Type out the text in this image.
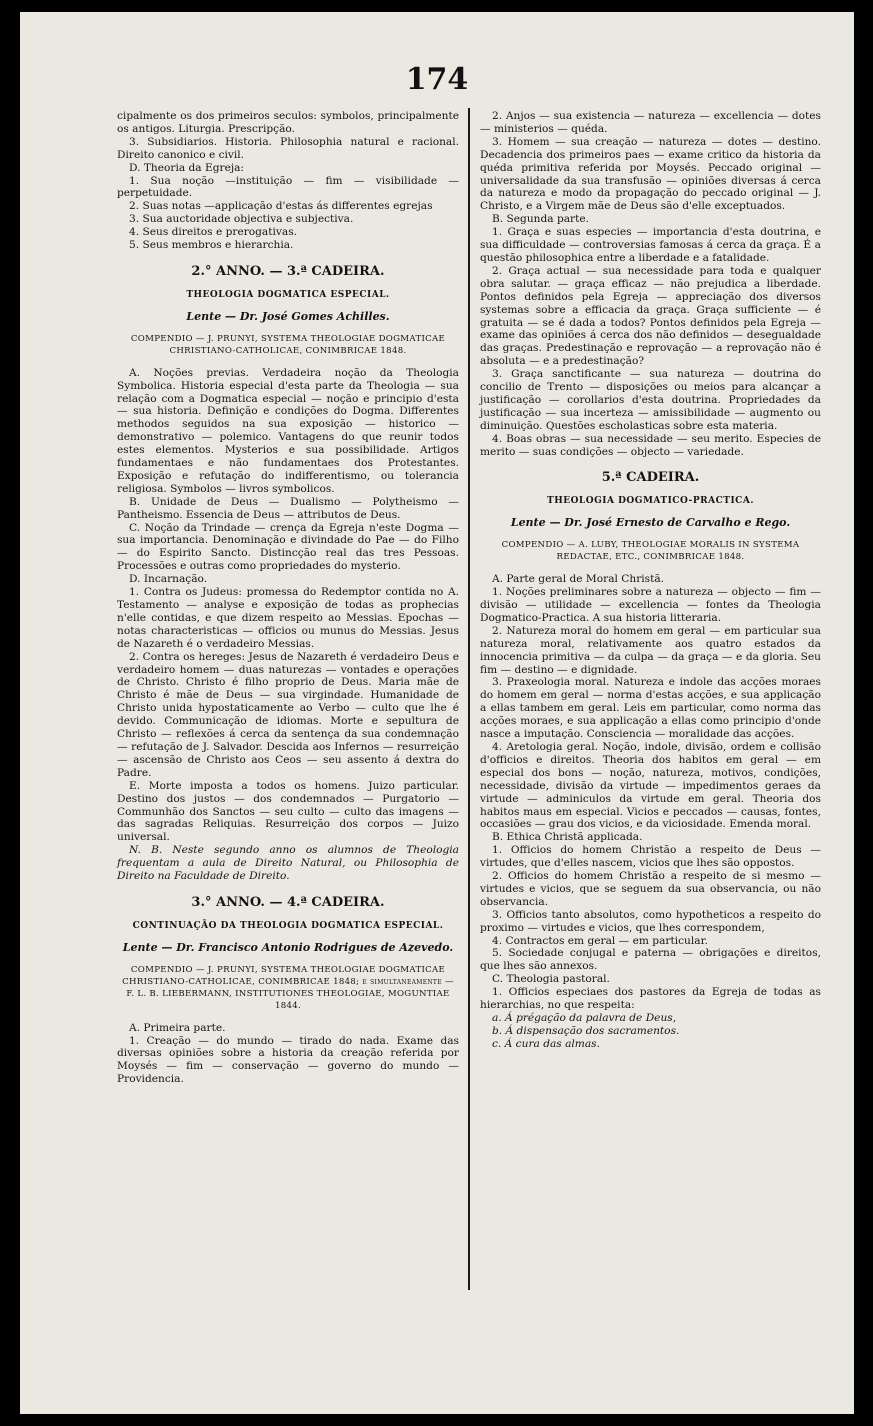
174

cipalmente os dos primeiros seculos: symbolos, principalmente os antigos. Liturgia. Prescripção.

3. Subsidiarios. Historia. Philosophia natural e racional. Direito canonico e civil.

D. Theoria da Egreja:

1. Sua noção —instituição — fim — visibilidade — perpetuidade.

2. Suas notas —applicação d'estas ás differentes egrejas

3. Sua auctoridade objectiva e subjectiva.

4. Seus direitos e prerogativas.

5. Seus membros e hierarchia.

2.° ANNO. — 3.ª CADEIRA.
THEOLOGIA DOGMATICA ESPECIAL.
Lente — Dr. José Gomes Achilles.
COMPENDIO — J. PRUNYI, SYSTEMA THEOLOGIAE DOGMATICAE CHRISTIANO-CATHOLICAE, CONIMBRICAE 1848.

A. Noções previas. Verdadeira noção da Theologia Symbolica. Historia especial d'esta parte da Theologia — sua relação com a Dogmatica especial — noção e principio d'esta — sua historia. Definição e condições do Dogma. Differentes methodos seguidos na sua exposição — historico — demonstrativo — polemico. Vantagens do que reunir todos estes elementos. Mysterios e sua possibilidade. Artigos fundamentaes e não fundamentaes dos Protestantes. Exposição e refutação do indifferentismo, ou tolerancia religiosa. Symbolos — livros symbolicos.

B. Unidade de Deus — Dualismo — Polytheismo — Pantheismo. Essencia de Deus — attributos de Deus.

C. Noção da Trindade — crença da Egreja n'este Dogma — sua importancia. Denominação e divindade do Pae — do Filho — do Espirito Sancto. Distincção real das tres Pessoas. Processões e outras como propriedades do mysterio.

D. Incarnação.

1. Contra os Judeus: promessa do Redemptor contida no A. Testamento — analyse e exposição de todas as prophecias n'elle contidas, e que dizem respeito ao Messias. Epochas — notas characteristicas — officios ou munus do Messias. Jesus de Nazareth é o verdadeiro Messias.

2. Contra os hereges: Jesus de Nazareth é verdadeiro Deus e verdadeiro homem — duas naturezas — vontades e operações de Christo. Christo é filho proprio de Deus. Maria mãe de Christo é mãe de Deus — sua virgindade. Humanidade de Christo unida hypostaticamente ao Verbo — culto que lhe é devido. Communicação de idiomas. Morte e sepultura de Christo — reflexões á cerca da sentença da sua condemnação — refutação de J. Salvador. Descida aos Infernos — resurreição — ascensão de Christo aos Ceos — seu assento á dextra do Padre.

E. Morte imposta a todos os homens. Juizo particular. Destino dos justos — dos condemnados — Purgatorio — Communhão dos Sanctos — seu culto — culto das imagens — das sagradas Reliquias. Resurreição dos corpos — Juizo universal.

N. B. Neste segundo anno os alumnos de Theologia frequentam a aula de Direito Natural, ou Philosophia de Direito na Faculdade de Direito.

3.° ANNO. — 4.ª CADEIRA.
CONTINUAÇÃO DA THEOLOGIA DOGMATICA ESPECIAL.
Lente — Dr. Francisco Antonio Rodrigues de Azevedo.
COMPENDIO — J. PRUNYI, SYSTEMA THEOLOGIAE DOGMATICAE CHRISTIANO-CATHOLICAE, CONIMBRICAE 1848; e simultaneamente — F. L. B. LIEBERMANN, INSTITUTIONES THEOLOGIAE, MOGUNTIAE 1844.

A. Primeira parte.

1. Creação — do mundo — tirado do nada. Exame das diversas opiniões sobre a historia da creação referida por Moysés — fim — conservação — governo do mundo — Providencia.

2. Anjos — sua existencia — natureza — excellencia — dotes — ministerios — quéda.

3. Homem — sua creação — natureza — dotes — destino. Decadencia dos primeiros paes — exame critico da historia da quéda primitiva referida por Moysés. Peccado original — universalidade da sua transfusão — opiniões diversas á cerca da natureza e modo da propagação do peccado original — J. Christo, e a Virgem mãe de Deus são d'elle exceptuados.

B. Segunda parte.

1. Graça e suas especies — importancia d'esta doutrina, e sua difficuldade — controversias famosas á cerca da graça. É a questão philosophica entre a liberdade e a fatalidade.

2. Graça actual — sua necessidade para toda e qualquer obra salutar. — graça efficaz — não prejudica a liberdade. Pontos definidos pela Egreja — appreciação dos diversos systemas sobre a efficacia da graça. Graça sufficiente — é gratuita — se é dada a todos? Pontos definidos pela Egreja — exame das opiniões á cerca dos não definidos — desegualdade das graças. Predestinação e reprovação — a reprovação não é absoluta — e a predestinação?

3. Graça sanctificante — sua natureza — doutrina do concilio de Trento — disposições ou meios para alcançar a justificação — corollarios d'esta doutrina. Propriedades da justificação — sua incerteza — amissibilidade — augmento ou diminuição. Questões escholasticas sobre esta materia.

4. Boas obras — sua necessidade — seu merito. Especies de merito — suas condições — objecto — variedade.

5.ª CADEIRA.
THEOLOGIA DOGMATICO-PRACTICA.
Lente — Dr. José Ernesto de Carvalho e Rego.
COMPENDIO — A. LUBY, THEOLOGIAE MORALIS IN SYSTEMA REDACTAE, ETC., CONIMBRICAE 1848.

A. Parte geral de Moral Christã.

1. Noções preliminares sobre a natureza — objecto — fim — divisão — utilidade — excellencia — fontes da Theologia Dogmatico-Practica. A sua historia litteraria.

2. Natureza moral do homem em geral — em particular sua natureza moral, relativamente aos quatro estados da innocencia primitiva — da culpa — da graça — e da gloria. Seu fim — destino — e dignidade.

3. Praxeologia moral. Natureza e indole das acções moraes do homem em geral — norma d'estas acções, e sua applicação a ellas tambem em geral. Leis em particular, como norma das acções moraes, e sua applicação a ellas como principio d'onde nasce a imputação. Consciencia — moralidade das acções.

4. Aretologia geral. Noção, indole, divisão, ordem e collisão d'officios e direitos. Theoria dos habitos em geral — em especial dos bons — noção, natureza, motivos, condições, necessidade, divisão da virtude — impedimentos geraes da virtude — adminiculos da virtude em geral. Theoria dos habitos maus em especial. Vicios e peccados — causas, fontes, occasiões — grau dos vicios, e da viciosidade. Emenda moral.

B. Ethica Christã applicada.

1. Officios do homem Christão a respeito de Deus — virtudes, que d'elles nascem, vicios que lhes são oppostos.

2. Officios do homem Christão a respeito de si mesmo — virtudes e vicios, que se seguem da sua observancia, ou não observancia.

3. Officios tanto absolutos, como hypotheticos a respeito do proximo — virtudes e vicios, que lhes correspondem,

4. Contractos em geral — em particular.

5. Sociedade conjugal e paterna — obrigações e direitos, que lhes são annexos.

C. Theologia pastoral.

1. Officios especiaes dos pastores da Egreja de todas as hierarchias, no que respeita:

a. Á prégação da palavra de Deus,

b. Á dispensação dos sacramentos.

c. Á cura das almas.
